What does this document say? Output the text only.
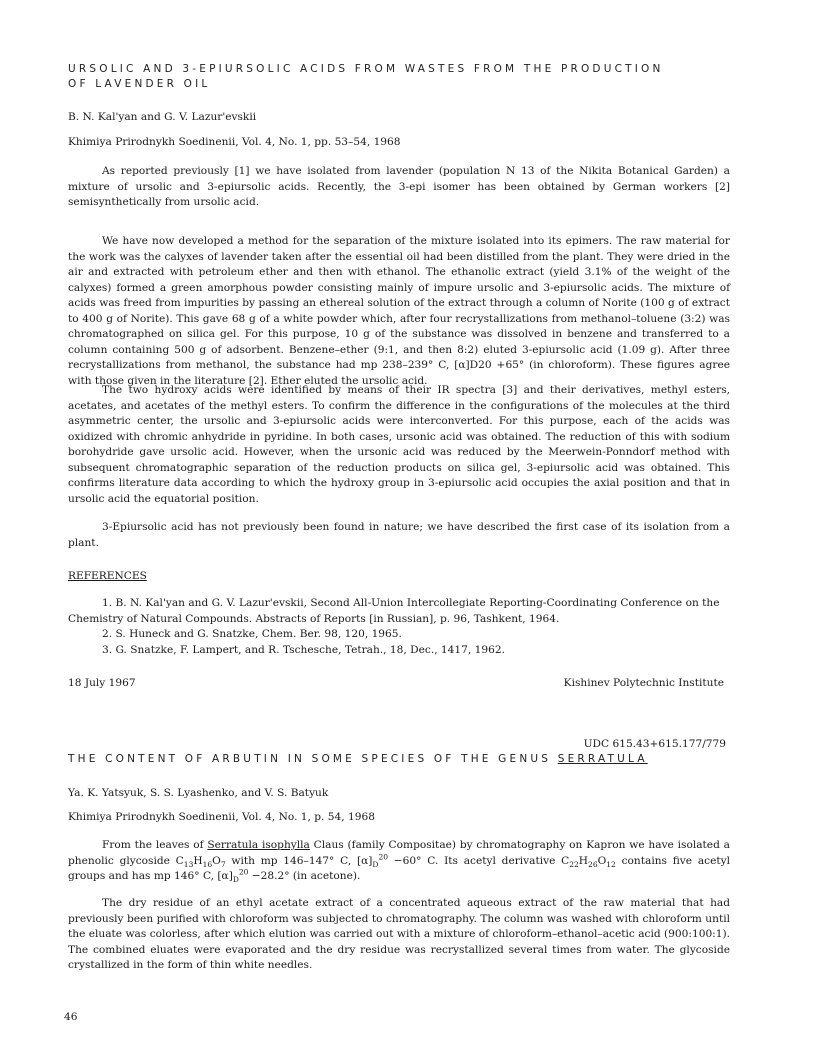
URSOLIC AND 3-EPIURSOLIC ACIDS FROM WASTES FROM THE PRODUCTION
OF LAVENDER OIL
B. N. Kal'yan and G. V. Lazur'evskii
Khimiya Prirodnykh Soedinenii, Vol. 4, No. 1, pp. 53–54, 1968

As reported previously [1] we have isolated from lavender (population N 13 of the Nikita Botanical Garden) a mixture of ursolic and 3-epiursolic acids. Recently, the 3-epi isomer has been obtained by German workers [2] semisynthetically from ursolic acid.

We have now developed a method for the separation of the mixture isolated into its epimers. The raw material for the work was the calyxes of lavender taken after the essential oil had been distilled from the plant. They were dried in the air and extracted with petroleum ether and then with ethanol. The ethanolic extract (yield 3.1% of the weight of the calyxes) formed a green amorphous powder consisting mainly of impure ursolic and 3-epiursolic acids. The mixture of acids was freed from impurities by passing an ethereal solution of the extract through a column of Norite (100 g of extract to 400 g of Norite). This gave 68 g of a white powder which, after four recrystallizations from methanol–toluene (3:2) was chromatographed on silica gel. For this purpose, 10 g of the substance was dissolved in benzene and transferred to a column containing 500 g of adsorbent. Benzene–ether (9:1, and then 8:2) eluted 3-epiursolic acid (1.09 g). After three recrystallizations from methanol, the substance had mp 238–239° C, [α]D20 +65° (in chloroform). These figures agree with those given in the literature [2]. Ether eluted the ursolic acid.

The two hydroxy acids were identified by means of their IR spectra [3] and their derivatives, methyl esters, acetates, and acetates of the methyl esters. To confirm the difference in the configurations of the molecules at the third asymmetric center, the ursolic and 3-epiursolic acids were interconverted. For this purpose, each of the acids was oxidized with chromic anhydride in pyridine. In both cases, ursonic acid was obtained. The reduction of this with sodium borohydride gave ursolic acid. However, when the ursonic acid was reduced by the Meerwein-Ponndorf method with subsequent chromatographic separation of the reduction products on silica gel, 3-epiursolic acid was obtained. This confirms literature data according to which the hydroxy group in 3-epiursolic acid occupies the axial position and that in ursolic acid the equatorial position.

3-Epiursolic acid has not previously been found in nature; we have described the first case of its isolation from a plant.

REFERENCES

1. B. N. Kal'yan and G. V. Lazur'evskii, Second All-Union Intercollegiate Reporting-Coordinating Conference on the Chemistry of Natural Compounds. Abstracts of Reports [in Russian], p. 96, Tashkent, 1964.

2. S. Huneck and G. Snatzke, Chem. Ber. 98, 120, 1965.

3. G. Snatzke, F. Lampert, and R. Tschesche, Tetrah., 18, Dec., 1417, 1962.

18 July 1967	Kishinev Polytechnic Institute
UDC 615.43+615.177/779
THE CONTENT OF ARBUTIN IN SOME SPECIES OF THE GENUS SERRATULA
Ya. K. Yatsyuk, S. S. Lyashenko, and V. S. Batyuk
Khimiya Prirodnykh Soedinenii, Vol. 4, No. 1, p. 54, 1968

From the leaves of Serratula isophylla Claus (family Compositae) by chromatography on Kapron we have isolated a phenolic glycoside $C_{13}H_{16}O_7$ with mp 146–147° C, $[\alpha]_D^{20} -60^\circ$ C. Its acetyl derivative $C_{22}H_{26}O_{12}$ contains five acetyl groups and has mp 146° C, $[\alpha]_D^{20} -28.2^\circ$ (in acetone).

The dry residue of an ethyl acetate extract of a concentrated aqueous extract of the raw material that had previously been purified with chloroform was subjected to chromatography. The column was washed with chloroform until the eluate was colorless, after which elution was carried out with a mixture of chloroform–ethanol–acetic acid (900:100:1). The combined eluates were evaporated and the dry residue was recrystallized several times from water. The glycoside crystallized in the form of thin white needles.

46
